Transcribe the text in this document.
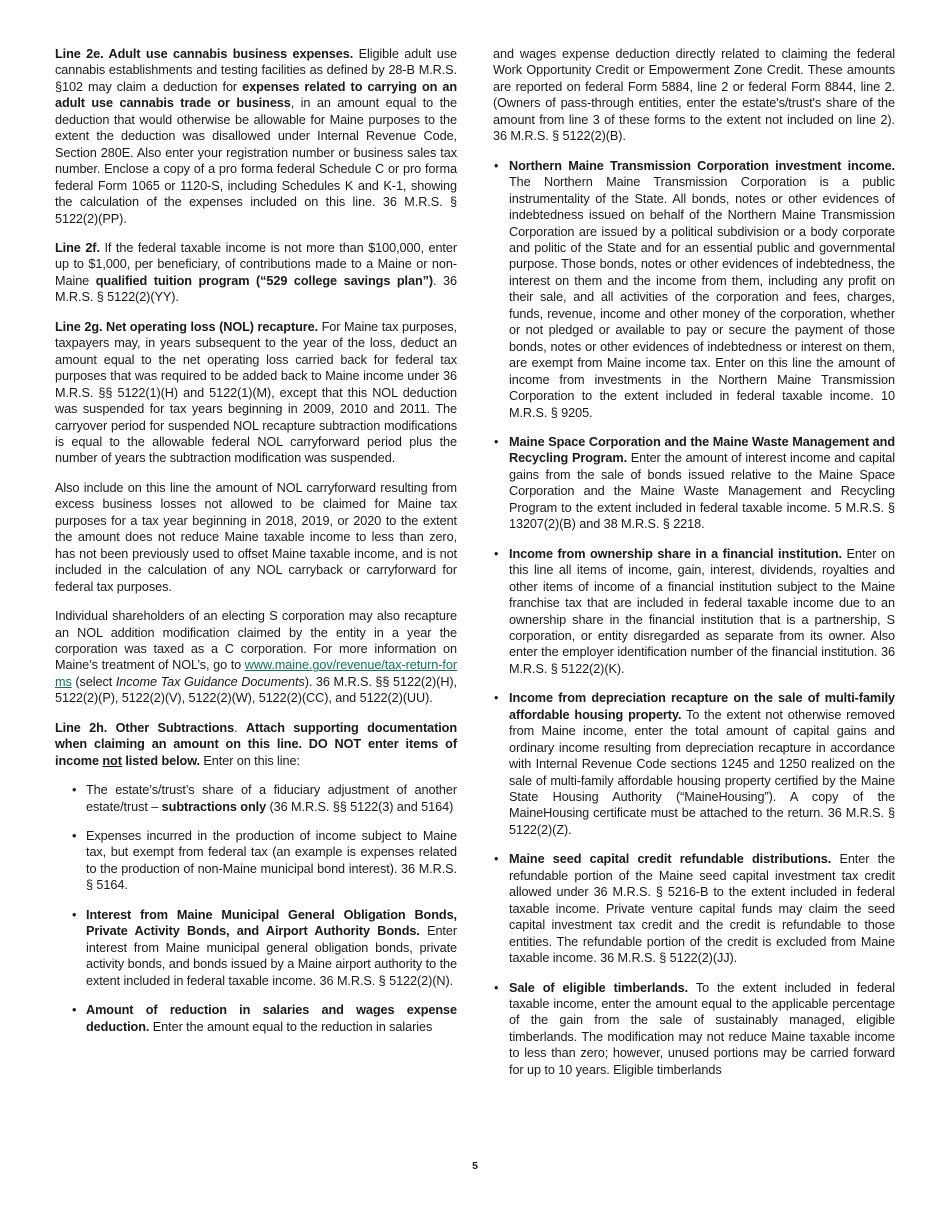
Line 2e. Adult use cannabis business expenses. Eligible adult use cannabis establishments and testing facilities as defined by 28-B M.R.S. §102 may claim a deduction for expenses related to carrying on an adult use cannabis trade or business, in an amount equal to the deduction that would otherwise be allowable for Maine purposes to the extent the deduction was disallowed under Internal Revenue Code, Section 280E. Also enter your registration number or business sales tax number. Enclose a copy of a pro forma federal Schedule C or pro forma federal Form 1065 or 1120-S, including Schedules K and K-1, showing the calculation of the expenses included on this line. 36 M.R.S. § 5122(2)(PP).

Line 2f. If the federal taxable income is not more than $100,000, enter up to $1,000, per beneficiary, of contributions made to a Maine or non-Maine qualified tuition program (“529 college savings plan”). 36 M.R.S. § 5122(2)(YY).

Line 2g. Net operating loss (NOL) recapture. For Maine tax purposes, taxpayers may, in years subsequent to the year of the loss, deduct an amount equal to the net operating loss carried back for federal tax purposes that was required to be added back to Maine income under 36 M.R.S. §§ 5122(1)(H) and 5122(1)(M), except that this NOL deduction was suspended for tax years beginning in 2009, 2010 and 2011. The carryover period for suspended NOL recapture subtraction modifications is equal to the allowable federal NOL carryforward period plus the number of years the subtraction modification was suspended.

Also include on this line the amount of NOL carryforward resulting from excess business losses not allowed to be claimed for Maine tax purposes for a tax year beginning in 2018, 2019, or 2020 to the extent the amount does not reduce Maine taxable income to less than zero, has not been previously used to offset Maine taxable income, and is not included in the calculation of any NOL carryback or carryforward for federal tax purposes.

Individual shareholders of an electing S corporation may also recapture an NOL addition modification claimed by the entity in a year the corporation was taxed as a C corporation. For more information on Maine’s treatment of NOL’s, go to www.maine.gov/revenue/tax-return-forms (select Income Tax Guidance Documents). 36 M.R.S. §§ 5122(2)(H), 5122(2)(P), 5122(2)(V), 5122(2)(W), 5122(2)(CC), and 5122(2)(UU).

Line 2h. Other Subtractions. Attach supporting documentation when claiming an amount on this line. DO NOT enter items of income not listed below. Enter on this line:

• The estate’s/trust’s share of a fiduciary adjustment of another estate/trust – subtractions only (36 M.R.S. §§ 5122(3) and 5164)
• Expenses incurred in the production of income subject to Maine tax, but exempt from federal tax (an example is expenses related to the production of non-Maine municipal bond interest). 36 M.R.S. § 5164.
• Interest from Maine Municipal General Obligation Bonds, Private Activity Bonds, and Airport Authority Bonds. Enter interest from Maine municipal general obligation bonds, private activity bonds, and bonds issued by a Maine airport authority to the extent included in federal taxable income. 36 M.R.S. § 5122(2)(N).
• Amount of reduction in salaries and wages expense deduction. Enter the amount equal to the reduction in salaries

and wages expense deduction directly related to claiming the federal Work Opportunity Credit or Empowerment Zone Credit. These amounts are reported on federal Form 5884, line 2 or federal Form 8844, line 2. (Owners of pass-through entities, enter the estate's/trust's share of the amount from line 3 of these forms to the extent not included on line 2). 36 M.R.S. § 5122(2)(B).

• Northern Maine Transmission Corporation investment income. The Northern Maine Transmission Corporation is a public instrumentality of the State. All bonds, notes or other evidences of indebtedness issued on behalf of the Northern Maine Transmission Corporation are issued by a political subdivision or a body corporate and politic of the State and for an essential public and governmental purpose. Those bonds, notes or other evidences of indebtedness, the interest on them and the income from them, including any profit on their sale, and all activities of the corporation and fees, charges, funds, revenue, income and other money of the corporation, whether or not pledged or available to pay or secure the payment of those bonds, notes or other evidences of indebtedness or interest on them, are exempt from Maine income tax. Enter on this line the amount of income from investments in the Northern Maine Transmission Corporation to the extent included in federal taxable income. 10 M.R.S. § 9205.
• Maine Space Corporation and the Maine Waste Management and Recycling Program. Enter the amount of interest income and capital gains from the sale of bonds issued relative to the Maine Space Corporation and the Maine Waste Management and Recycling Program to the extent included in federal taxable income. 5 M.R.S. § 13207(2)(B) and 38 M.R.S. § 2218.
• Income from ownership share in a financial institution. Enter on this line all items of income, gain, interest, dividends, royalties and other items of income of a financial institution subject to the Maine franchise tax that are included in federal taxable income due to an ownership share in the financial institution that is a partnership, S corporation, or entity disregarded as separate from its owner. Also enter the employer identification number of the financial institution. 36 M.R.S. § 5122(2)(K).
• Income from depreciation recapture on the sale of multi-family affordable housing property. To the extent not otherwise removed from Maine income, enter the total amount of capital gains and ordinary income resulting from depreciation recapture in accordance with Internal Revenue Code sections 1245 and 1250 realized on the sale of multi-family affordable housing property certified by the Maine State Housing Authority (“MaineHousing”). A copy of the MaineHousing certificate must be attached to the return. 36 M.R.S. § 5122(2)(Z).
• Maine seed capital credit refundable distributions. Enter the refundable portion of the Maine seed capital investment tax credit allowed under 36 M.R.S. § 5216-B to the extent included in federal taxable income. Private venture capital funds may claim the seed capital investment tax credit and the credit is refundable to those entities. The refundable portion of the credit is excluded from Maine taxable income. 36 M.R.S. § 5122(2)(JJ).
• Sale of eligible timberlands. To the extent included in federal taxable income, enter the amount equal to the applicable percentage of the gain from the sale of sustainably managed, eligible timberlands. The modification may not reduce Maine taxable income to less than zero; however, unused portions may be carried forward for up to 10 years. Eligible timberlands
5
